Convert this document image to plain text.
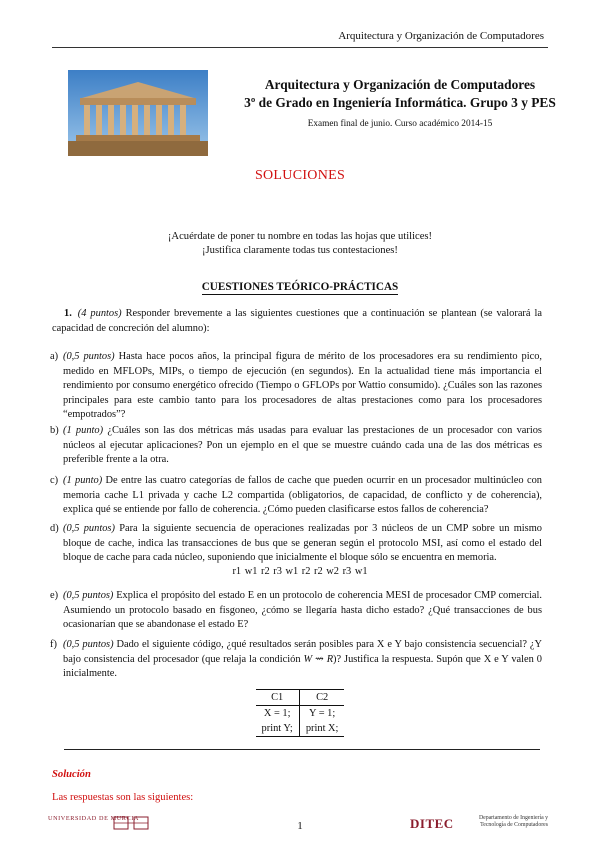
Arquitectura y Organización de Computadores
Arquitectura y Organización de Computadores
3º de Grado en Ingeniería Informática. Grupo 3 y PES
Examen final de junio. Curso académico 2014-15
SOLUCIONES
¡Acuérdate de poner tu nombre en todas las hojas que utilices!
¡Justifica claramente todas tus contestaciones!
CUESTIONES TEÓRICO-PRÁCTICAS
1. (4 puntos) Responder brevemente a las siguientes cuestiones que a continuación se plantean (se valorará la capacidad de concreción del alumno):
a) (0,5 puntos) Hasta hace pocos años, la principal figura de mérito de los procesadores era su rendimiento pico, medido en MFLOPs, MIPs, o tiempo de ejecución (en segundos). En la actualidad tiene más importancia el rendimiento por consumo energético ofrecido (Tiempo o GFLOPs por Wattio consumido). ¿Cuáles son las razones principales para este cambio tanto para los procesadores de altas prestaciones como para los procesadores “empotrados”?
b) (1 punto) ¿Cuáles son las dos métricas más usadas para evaluar las prestaciones de un procesador con varios núcleos al ejecutar aplicaciones? Pon un ejemplo en el que se muestre cuándo cada una de las dos métricas es preferible frente a la otra.
c) (1 punto) De entre las cuatro categorías de fallos de cache que pueden ocurrir en un procesador multinúcleo con memoria cache L1 privada y cache L2 compartida (obligatorios, de capacidad, de conflicto y de coherencia), explica qué se entiende por fallo de coherencia. ¿Cómo pueden clasificarse estos fallos de coherencia?
d) (0,5 puntos) Para la siguiente secuencia de operaciones realizadas por 3 núcleos de un CMP sobre un mismo bloque de cache, indica las transacciones de bus que se generan según el protocolo MSI, así como el estado del bloque de cache para cada núcleo, suponiendo que inicialmente el bloque sólo se encuentra en memoria.
r1 w1 r2 r3 w1 r2 r2 w2 r3 w1
e) (0,5 puntos) Explica el propósito del estado E en un protocolo de coherencia MESI de procesador CMP comercial. Asumiendo un protocolo basado en fisgoneo, ¿cómo se llegaría hasta dicho estado? ¿Qué transacciones de bus ocasionarían que se abandonase el estado E?
f) (0,5 puntos) Dado el siguiente código, ¿qué resultados serán posibles para X e Y bajo consistencia secuencial? ¿Y bajo consistencia del procesador (que relaja la condición W ⇝ R)? Justifica la respuesta. Supón que X e Y valen 0 inicialmente.
C1	C2
X = 1;	Y = 1;
print Y;	print X;
Solución
Las respuestas son las siguientes:
UNIVERSIDAD DE MURCIA
1	DITEC	Departamento de Ingeniería y Tecnología de Computadores
